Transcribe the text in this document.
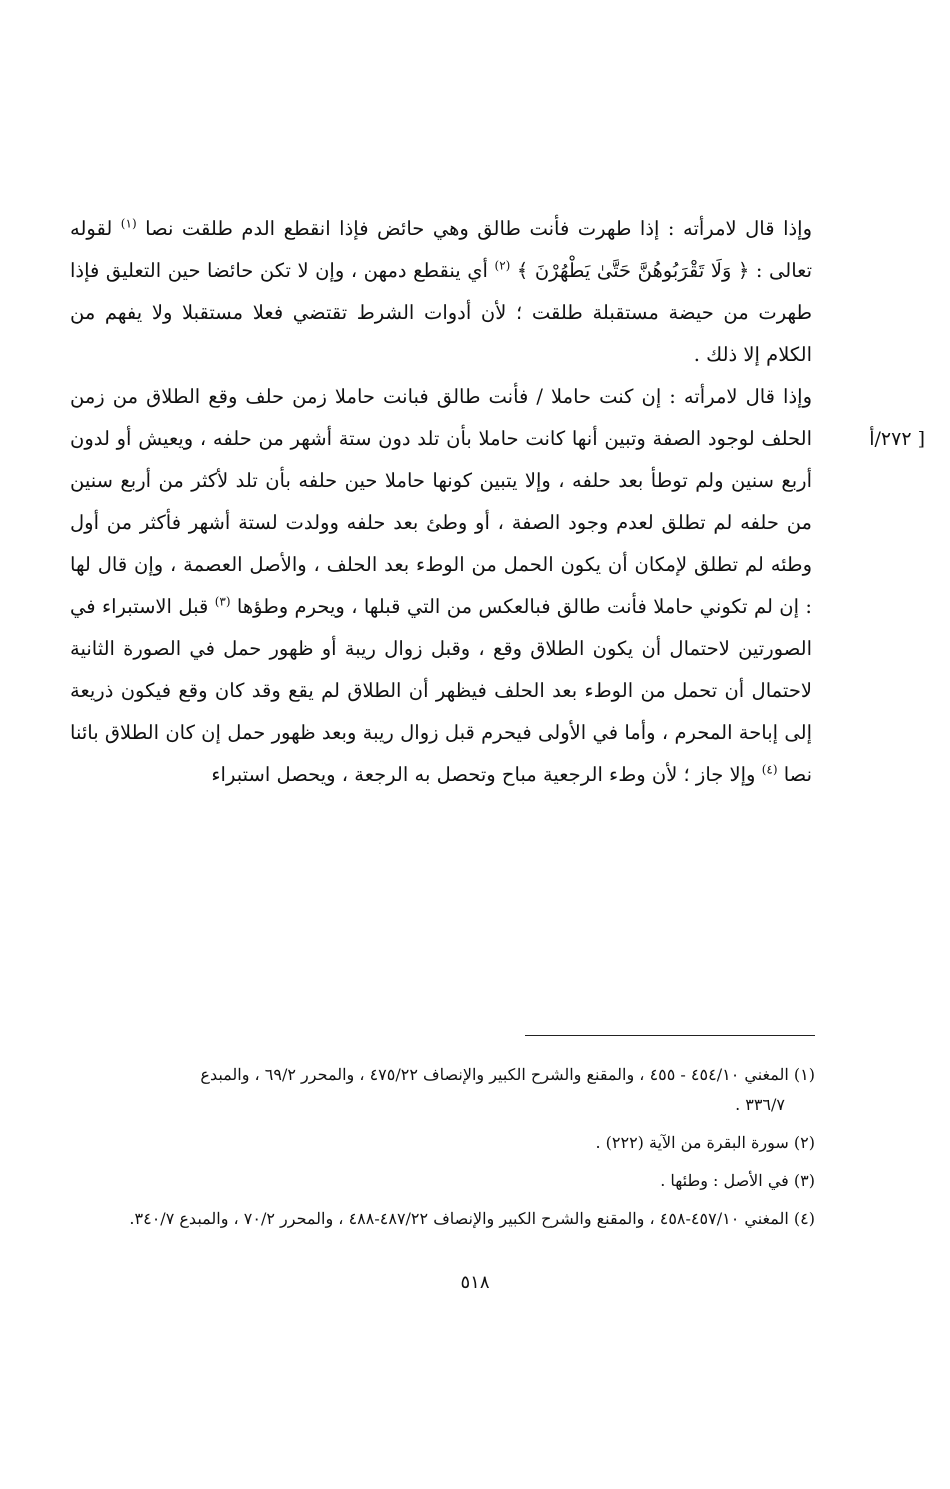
[ ٢٧٢/أ

وإذا قال لامرأته : إذا طهرت فأنت طالق وهي حائض فإذا انقطع الدم طلقت نصا $^{(١)}$ لقوله تعالى : ﴿ وَلَا تَقْرَبُوهُنَّ حَتَّىٰ يَطْهُرْنَ ﴾ $^{(٢)}$ أي ينقطع دمهن ، وإن لا تكن حائضا حين التعليق فإذا طهرت من حيضة مستقبلة طلقت ؛ لأن أدوات الشرط تقتضي فعلا مستقبلا ولا يفهم من الكلام إلا ذلك .

وإذا قال لامرأته : إن كنت حاملا / فأنت طالق فبانت حاملا زمن حلف وقع الطلاق من زمن الحلف لوجود الصفة وتبين أنها كانت حاملا بأن تلد دون ستة أشهر من حلفه ، ويعيش أو لدون أربع سنين ولم توطأ بعد حلفه ، وإلا يتبين كونها حاملا حين حلفه بأن تلد لأكثر من أربع سنين من حلفه لم تطلق لعدم وجود الصفة ، أو وطئ بعد حلفه وولدت لستة أشهر فأكثر من أول وطئه لم تطلق لإمكان أن يكون الحمل من الوطء بعد الحلف ، والأصل العصمة ، وإن قال لها : إن لم تكوني حاملا فأنت طالق فبالعكس من التي قبلها ، ويحرم وطؤها $^{(٣)}$ قبل الاستبراء في الصورتين لاحتمال أن يكون الطلاق وقع ، وقبل زوال ريبة أو ظهور حمل في الصورة الثانية لاحتمال أن تحمل من الوطء بعد الحلف فيظهر أن الطلاق لم يقع وقد كان وقع فيكون ذريعة إلى إباحة المحرم ، وأما في الأولى فيحرم قبل زوال ريبة وبعد ظهور حمل إن كان الطلاق بائنا نصا $^{(٤)}$ وإلا جاز ؛ لأن وطء الرجعية مباح وتحصل به الرجعة ، ويحصل استبراء

(١) المغني ٤٥٤/١٠ - ٤٥٥ ، والمقنع والشرح الكبير والإنصاف ٤٧٥/٢٢ ، والمحرر ٦٩/٢ ، والمبدع
٣٣٦/٧ .
(٢) سورة البقرة من الآية (٢٢٢) .
(٣) في الأصل : وطئها .
(٤) المغني ٤٥٧/١٠-٤٥٨ ، والمقنع والشرح الكبير والإنصاف ٤٨٧/٢٢-٤٨٨ ، والمحرر ٧٠/٢ ، والمبدع ٣٤٠/٧.
٥١٨
